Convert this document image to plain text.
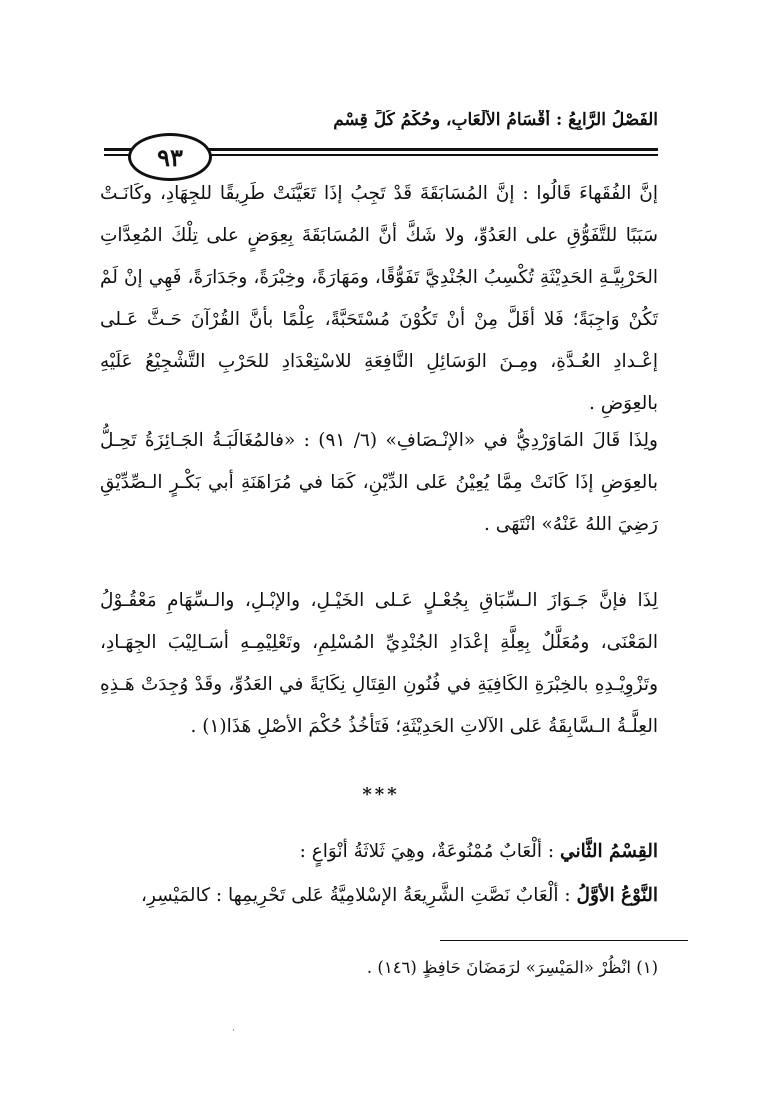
الفَصْلُ الرَّابِعُ : أَقْسَامُ الأَلْعَابِ، وحُكْمُ كُلِّ قِسْمٍ
٩٣

إنَّ الفُقَهاءَ قَالُوا : إنَّ المُسَابَقَةَ قَدْ تَجِبُ إذَا تَعَيَّنَتْ طَرِيقًا للجِهَادِ، وكَانَـتْ سَبَبًا للتَّفَوُّقِ على العَدُوِّ، ولا شَكَّ أنَّ المُسَابَقَةَ بِعِوَضٍ على تِلْكَ المُعِدَّاتِ الحَرْبِيَّـةِ الحَدِيْثَةِ تُكْسِبُ الجُنْدِيَّ تَفَوُّقًا، ومَهَارَةً، وخِبْرَةً، وجَدَارَةً، فَهِي إنْ لَمْ تَكُنْ وَاجِبَةً؛ فَلا أقَلَّ مِنْ أنْ تَكُوْنَ مُسْتَحَبَّةً، عِلْمًا بأنَّ القُرْآنَ حَـثَّ عَـلى إعْـدادِ العُـدَّةِ، ومِـنَ الوَسَائِلِ النَّافِعَةِ للاسْتِعْدَادِ للحَرْبِ التَّشْجِيْعُ عَلَيْهِ بالعِوَضِ .

ولِذَا قَالَ المَاوَرْدِيُّ في «الإنْـصَافِ» (٦/ ٩١) : «فالمُغَالَبَـةُ الجَـائِزَةُ تَحِـلُّ بالعِوَضِ إذَا كَانَتْ مِمَّا يُعِيْنُ عَلى الدِّيْنِ، كَمَا في مُرَاهَنَةِ أبي بَكْـرٍ الـصِّدِّيْقِ رَضِيَ اللهُ عَنْهُ» انْتَهَى .

لِذَا فإنَّ جَـوَازَ الـسِّبَاقِ بِجُعْـلٍ عَـلى الخَيْـلِ، والإبْـلِ، والـسِّهَامِ مَعْقُـوْلُ المَعْنَى، ومُعَلَّلٌ بِعِلَّةِ إعْدَادِ الجُنْدِيِّ المُسْلِمِ، وتَعْلِيْمِـهِ أسَـالِيْبَ الجِهَـادِ، وتَزْوِيْـدِهِ بالخِبْرَةِ الكَافِيَةِ في فُنُونِ القِتَالِ نِكَايَةً في العَدُوِّ، وقَدْ وُجِدَتْ هَـذِهِ العِلَّـةُ الـسَّابِقَةُ عَلى الآلاتِ الحَدِيْثَةِ؛ فَتَأخُذُ حُكْمَ الأصْلِ هَذَا(١) .

***

القِسْمُ الثَّاني : ألْعَابٌ مُمْنُوعَةٌ، وهِيَ ثَلاثَةُ أنْوَاعٍ :

النَّوْعُ الأوَّلُ : ألْعَابٌ نَصَّتِ الشَّرِيعَةُ الإسْلامِيَّةُ عَلى تَحْرِيمِها : كالمَيْسِرِ،

(١) انْظُرْ «المَيْسِرَ» لرَمَضَانَ حَافِظٍ (١٤٦) .
·
